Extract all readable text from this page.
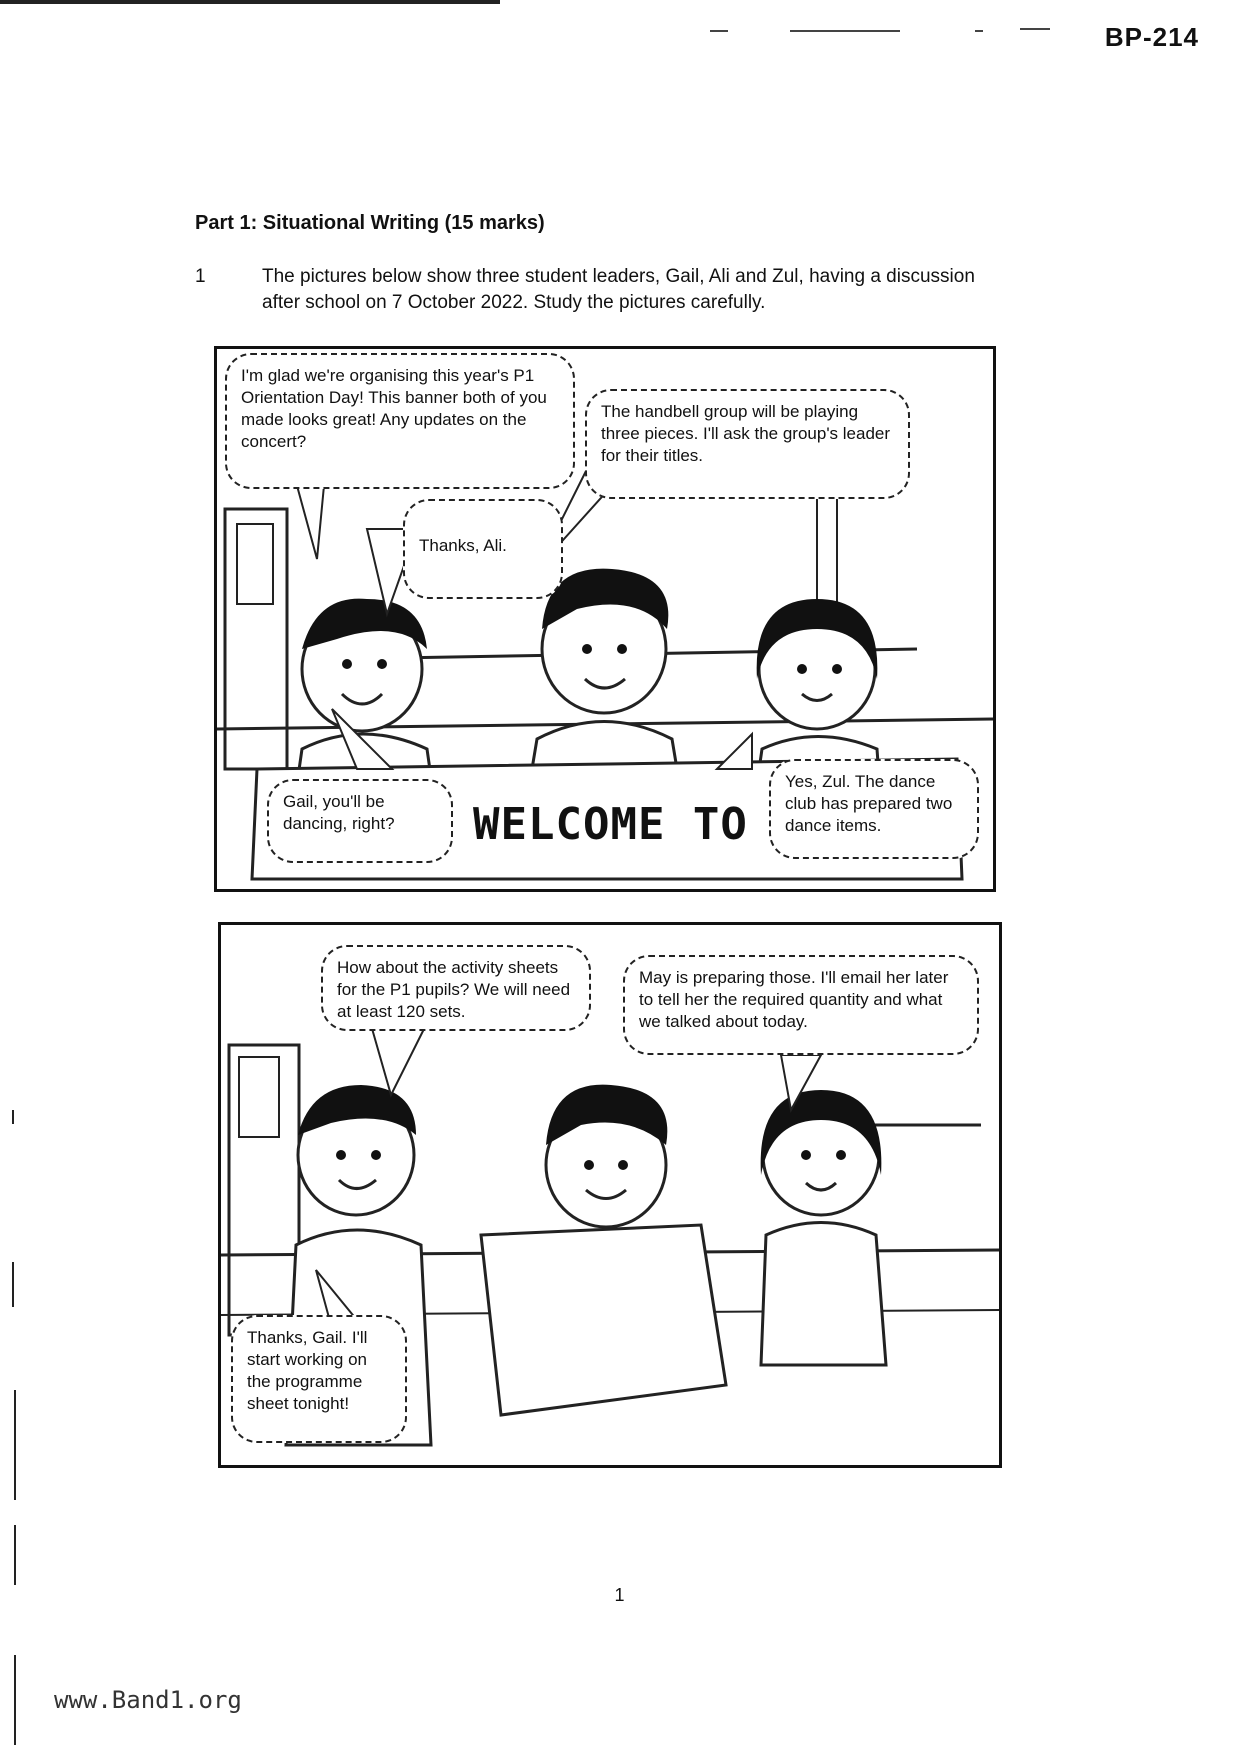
BP-214
Part 1: Situational Writing (15 marks)
1	The pictures below show three student leaders, Gail, Ali and Zul, having a discussion after school on 7 October 2022. Study the pictures carefully.
I'm glad we're organising this year's P1 Orientation Day! This banner both of you made looks great! Any updates on the concert?
The handbell group will be playing three pieces. I'll ask the group's leader for their titles.
Thanks, Ali.
Gail, you'll be dancing, right?
Yes, Zul. The dance club has prepared two dance items.
WELCOME TO
How about the activity sheets for the P1 pupils? We will need at least 120 sets.
May is preparing those. I'll email her later to tell her the required quantity and what we talked about today.
Thanks, Gail. I'll start working on the programme sheet tonight!
1
www.Band1.org
